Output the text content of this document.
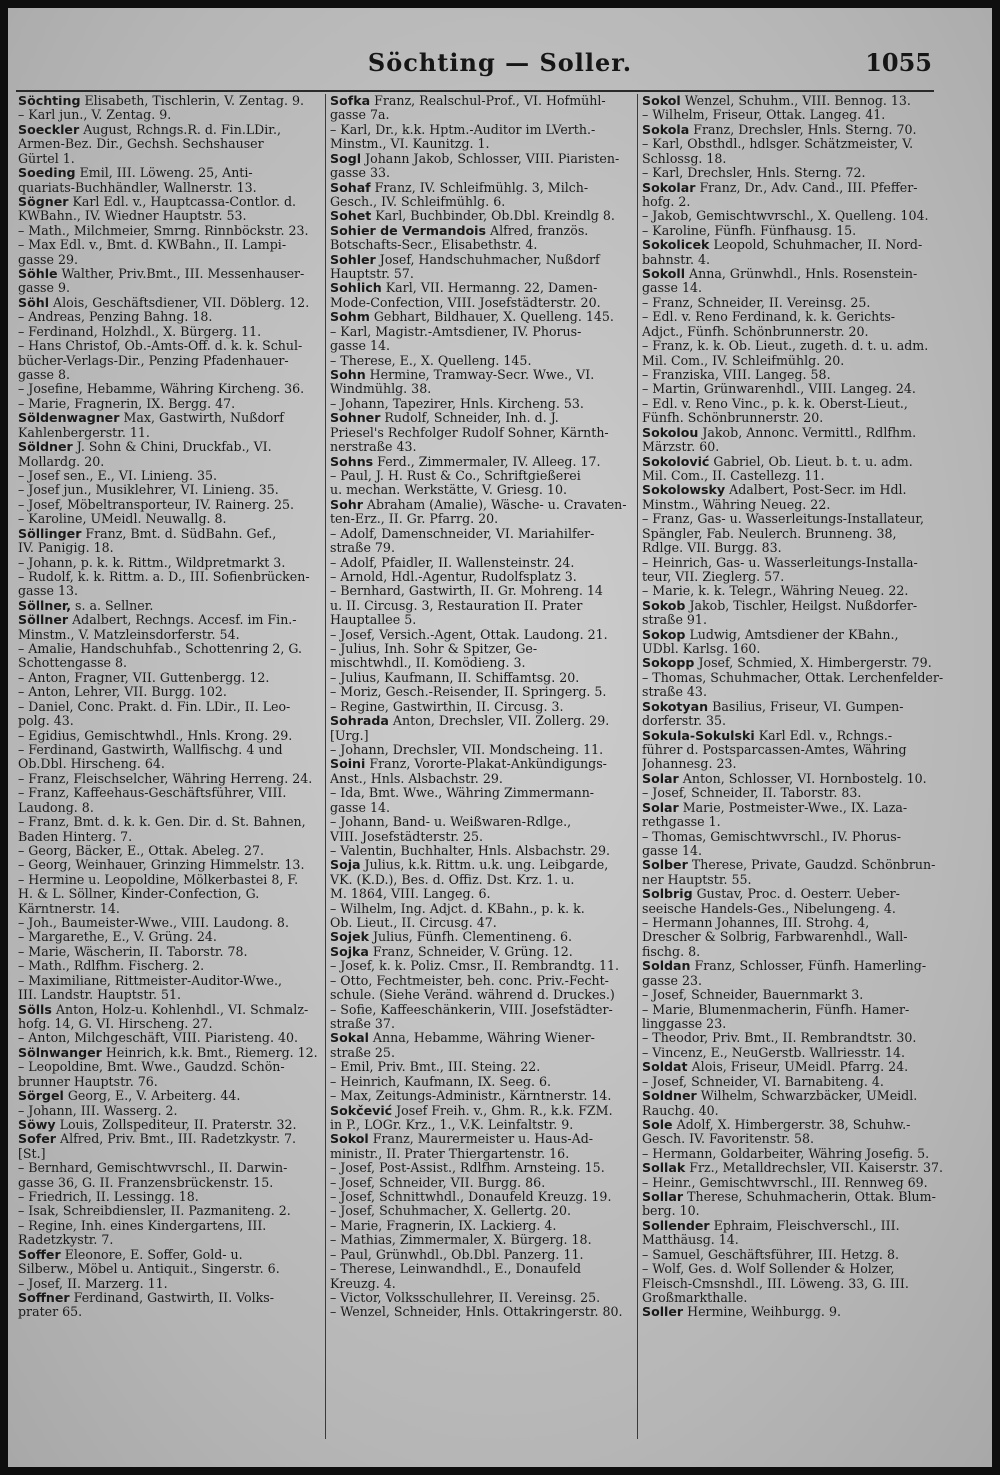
Söchting — Soller.	1055

Söchting Elisabeth, Tischlerin, V. Zentag. 9.

– Karl jun., V. Zentag. 9.

Soeckler August, Rchngs.R. d. Fin.LDir.,

Armen-Bez. Dir., Gechsh. Sechshauser

Gürtel 1.

Soeding Emil, III. Löweng. 25, Anti-

quariats-Buchhändler, Wallnerstr. 13.

Sögner Karl Edl. v., Hauptcassa-Contlor. d.

KWBahn., IV. Wiedner Hauptstr. 53.

– Math., Milchmeier, Smrng. Rinnböckstr. 23.

– Max Edl. v., Bmt. d. KWBahn., II. Lampi-

gasse 29.

Söhle Walther, Priv.Bmt., III. Messenhauser-

gasse 9.

Söhl Alois, Geschäftsdiener, VII. Döblerg. 12.

– Andreas, Penzing Bahng. 18.

– Ferdinand, Holzhdl., X. Bürgerg. 11.

– Hans Christof, Ob.-Amts-Off. d. k. k. Schul-

bücher-Verlags-Dir., Penzing Pfadenhauer-

gasse 8.

– Josefine, Hebamme, Währing Kircheng. 36.

– Marie, Fragnerin, IX. Bergg. 47.

Söldenwagner Max, Gastwirth, Nußdorf

Kahlenbergerstr. 11.

Söldner J. Sohn & Chini, Druckfab., VI.

Mollardg. 20.

– Josef sen., E., VI. Linieng. 35.

– Josef jun., Musiklehrer, VI. Linieng. 35.

– Josef, Möbeltransporteur, IV. Rainerg. 25.

– Karoline, UMeidl. Neuwallg. 8.

Söllinger Franz, Bmt. d. SüdBahn. Gef.,

IV. Panigig. 18.

– Johann, p. k. k. Rittm., Wildpretmarkt 3.

– Rudolf, k. k. Rittm. a. D., III. Sofienbrücken-

gasse 13.

Söllner, s. a. Sellner.

Söllner Adalbert, Rechngs. Accesf. im Fin.-

Minstm., V. Matzleinsdorferstr. 54.

– Amalie, Handschuhfab., Schottenring 2, G.

Schottengasse 8.

– Anton, Fragner, VII. Guttenbergg. 12.

– Anton, Lehrer, VII. Burgg. 102.

– Daniel, Conc. Prakt. d. Fin. LDir., II. Leo-

polg. 43.

– Egidius, Gemischtwhdl., Hnls. Krong. 29.

– Ferdinand, Gastwirth, Wallfischg. 4 und

Ob.Dbl. Hirscheng. 64.

– Franz, Fleischselcher, Währing Herreng. 24.

– Franz, Kaffeehaus-Geschäftsführer, VIII.

Laudong. 8.

– Franz, Bmt. d. k. k. Gen. Dir. d. St. Bahnen,

Baden Hinterg. 7.

– Georg, Bäcker, E., Ottak. Abeleg. 27.

– Georg, Weinhauer, Grinzing Himmelstr. 13.

– Hermine u. Leopoldine, Mölkerbastei 8, F.

H. & L. Söllner, Kinder-Confection, G.

Kärntnerstr. 14.

– Joh., Baumeister-Wwe., VIII. Laudong. 8.

– Margarethe, E., V. Grüng. 24.

– Marie, Wäscherin, II. Taborstr. 78.

– Math., Rdlfhm. Fischerg. 2.

– Maximiliane, Rittmeister-Auditor-Wwe.,

III. Landstr. Hauptstr. 51.

Sölls Anton, Holz-u. Kohlenhdl., VI. Schmalz-

hofg. 14, G. VI. Hirscheng. 27.

– Anton, Milchgeschäft, VIII. Piaristeng. 40.

Sölnwanger Heinrich, k.k. Bmt., Riemerg. 12.

– Leopoldine, Bmt. Wwe., Gaudzd. Schön-

brunner Hauptstr. 76.

Sörgel Georg, E., V. Arbeiterg. 44.

– Johann, III. Wasserg. 2.

Söwy Louis, Zollspediteur, II. Praterstr. 32.

Sofer Alfred, Priv. Bmt., III. Radetzkystr. 7.

[St.]

– Bernhard, Gemischtwvrschl., II. Darwin-

gasse 36, G. II. Franzensbrückenstr. 15.

– Friedrich, II. Lessingg. 18.

– Isak, Schreibdiensler, II. Pazmaniteng. 2.

– Regine, Inh. eines Kindergartens, III.

Radetzkystr. 7.

Soffer Eleonore, E. Soffer, Gold- u.

Silberw., Möbel u. Antiquit., Singerstr. 6.

– Josef, II. Marzerg. 11.

Soffner Ferdinand, Gastwirth, II. Volks-

prater 65.

Sofka Franz, Realschul-Prof., VI. Hofmühl-

gasse 7a.

– Karl, Dr., k.k. Hptm.-Auditor im LVerth.-

Minstm., VI. Kaunitzg. 1.

Sogl Johann Jakob, Schlosser, VIII. Piaristen-

gasse 33.

Sohaf Franz, IV. Schleifmühlg. 3, Milch-

Gesch., IV. Schleifmühlg. 6.

Sohet Karl, Buchbinder, Ob.Dbl. Kreindlg 8.

Sohier de Vermandois Alfred, französ.

Botschafts-Secr., Elisabethstr. 4.

Sohler Josef, Handschuhmacher, Nußdorf

Hauptstr. 57.

Sohlich Karl, VII. Hermanng. 22, Damen-

Mode-Confection, VIII. Josefstädterstr. 20.

Sohm Gebhart, Bildhauer, X. Quelleng. 145.

– Karl, Magistr.-Amtsdiener, IV. Phorus-

gasse 14.

– Therese, E., X. Quelleng. 145.

Sohn Hermine, Tramway-Secr. Wwe., VI.

Windmühlg. 38.

– Johann, Tapezirer, Hnls. Kircheng. 53.

Sohner Rudolf, Schneider, Inh. d. J.

Priesel's Rechfolger Rudolf Sohner, Kärnth-

nerstraße 43.

Sohns Ferd., Zimmermaler, IV. Alleeg. 17.

– Paul, J. H. Rust & Co., Schriftgießerei

u. mechan. Werkstätte, V. Griesg. 10.

Sohr Abraham (Amalie), Wäsche- u. Cravaten-

ten-Erz., II. Gr. Pfarrg. 20.

– Adolf, Damenschneider, VI. Mariahilfer-

straße 79.

– Adolf, Pfaidler, II. Wallensteinstr. 24.

– Arnold, Hdl.-Agentur, Rudolfsplatz 3.

– Bernhard, Gastwirth, II. Gr. Mohreng. 14

u. II. Circusg. 3, Restauration II. Prater

Hauptallee 5.

– Josef, Versich.-Agent, Ottak. Laudong. 21.

– Julius, Inh. Sohr & Spitzer, Ge-

mischtwhdl., II. Komödieng. 3.

– Julius, Kaufmann, II. Schiffamtsg. 20.

– Moriz, Gesch.-Reisender, II. Springerg. 5.

– Regine, Gastwirthin, II. Circusg. 3.

Sohrada Anton, Drechsler, VII. Zollerg. 29.

[Urg.]

– Johann, Drechsler, VII. Mondscheing. 11.

Soini Franz, Vororte-Plakat-Ankündigungs-

Anst., Hnls. Alsbachstr. 29.

– Ida, Bmt. Wwe., Währing Zimmermann-

gasse 14.

– Johann, Band- u. Weißwaren-Rdlge.,

VIII. Josefstädterstr. 25.

– Valentin, Buchhalter, Hnls. Alsbachstr. 29.

Soja Julius, k.k. Rittm. u.k. ung. Leibgarde,

VK. (K.D.), Bes. d. Offiz. Dst. Krz. 1. u.

M. 1864, VIII. Langeg. 6.

– Wilhelm, Ing. Adjct. d. KBahn., p. k. k.

Ob. Lieut., II. Circusg. 47.

Sojek Julius, Fünfh. Clementineng. 6.

Sojka Franz, Schneider, V. Grüng. 12.

– Josef, k. k. Poliz. Cmsr., II. Rembrandtg. 11.

– Otto, Fechtmeister, beh. conc. Priv.-Fecht-

schule. (Siehe Veränd. während d. Druckes.)

– Sofie, Kaffeeschänkerin, VIII. Josefstädter-

straße 37.

Sokal Anna, Hebamme, Währing Wiener-

straße 25.

– Emil, Priv. Bmt., III. Steing. 22.

– Heinrich, Kaufmann, IX. Seeg. 6.

– Max, Zeitungs-Administr., Kärntnerstr. 14.

Sokčević Josef Freih. v., Ghm. R., k.k. FZM.

in P., LOGr. Krz., 1., V.K. Leinfaltstr. 9.

Sokol Franz, Maurermeister u. Haus-Ad-

ministr., II. Prater Thiergartenstr. 16.

– Josef, Post-Assist., Rdlfhm. Arnsteing. 15.

– Josef, Schneider, VII. Burgg. 86.

– Josef, Schnittwhdl., Donaufeld Kreuzg. 19.

– Josef, Schuhmacher, X. Gellertg. 20.

– Marie, Fragnerin, IX. Lackierg. 4.

– Mathias, Zimmermaler, X. Bürgerg. 18.

– Paul, Grünwhdl., Ob.Dbl. Panzerg. 11.

– Therese, Leinwandhdl., E., Donaufeld

Kreuzg. 4.

– Victor, Volksschullehrer, II. Vereinsg. 25.

– Wenzel, Schneider, Hnls. Ottakringerstr. 80.

Sokol Wenzel, Schuhm., VIII. Bennog. 13.

– Wilhelm, Friseur, Ottak. Langeg. 41.

Sokola Franz, Drechsler, Hnls. Sterng. 70.

– Karl, Obsthdl., hdlsger. Schätzmeister, V.

Schlossg. 18.

– Karl, Drechsler, Hnls. Sterng. 72.

Sokolar Franz, Dr., Adv. Cand., III. Pfeffer-

hofg. 2.

– Jakob, Gemischtwvrschl., X. Quelleng. 104.

– Karoline, Fünfh. Fünfhausg. 15.

Sokolicek Leopold, Schuhmacher, II. Nord-

bahnstr. 4.

Sokoll Anna, Grünwhdl., Hnls. Rosenstein-

gasse 14.

– Franz, Schneider, II. Vereinsg. 25.

– Edl. v. Reno Ferdinand, k. k. Gerichts-

Adjct., Fünfh. Schönbrunnerstr. 20.

– Franz, k. k. Ob. Lieut., zugeth. d. t. u. adm.

Mil. Com., IV. Schleifmühlg. 20.

– Franziska, VIII. Langeg. 58.

– Martin, Grünwarenhdl., VIII. Langeg. 24.

– Edl. v. Reno Vinc., p. k. k. Oberst-Lieut.,

Fünfh. Schönbrunnerstr. 20.

Sokolou Jakob, Annonc. Vermittl., Rdlfhm.

Märzstr. 60.

Sokolović Gabriel, Ob. Lieut. b. t. u. adm.

Mil. Com., II. Castellezg. 11.

Sokolowsky Adalbert, Post-Secr. im Hdl.

Minstm., Währing Neueg. 22.

– Franz, Gas- u. Wasserleitungs-Installateur,

Spängler, Fab. Neulerch. Brunneng. 38,

Rdlge. VII. Burgg. 83.

– Heinrich, Gas- u. Wasserleitungs-Installa-

teur, VII. Zieglerg. 57.

– Marie, k. k. Telegr., Währing Neueg. 22.

Sokob Jakob, Tischler, Heilgst. Nußdorfer-

straße 91.

Sokop Ludwig, Amtsdiener der KBahn.,

UDbl. Karlsg. 160.

Sokopp Josef, Schmied, X. Himbergerstr. 79.

– Thomas, Schuhmacher, Ottak. Lerchenfelder-

straße 43.

Sokotyan Basilius, Friseur, VI. Gumpen-

dorferstr. 35.

Sokula-Sokulski Karl Edl. v., Rchngs.-

führer d. Postsparcassen-Amtes, Währing

Johannesg. 23.

Solar Anton, Schlosser, VI. Hornbostelg. 10.

– Josef, Schneider, II. Taborstr. 83.

Solar Marie, Postmeister-Wwe., IX. Laza-

rethgasse 1.

– Thomas, Gemischtwvrschl., IV. Phorus-

gasse 14.

Solber Therese, Private, Gaudzd. Schönbrun-

ner Hauptstr. 55.

Solbrig Gustav, Proc. d. Oesterr. Ueber-

seeische Handels-Ges., Nibelungeng. 4.

– Hermann Johannes, III. Strohg. 4,

Drescher & Solbrig, Farbwarenhdl., Wall-

fischg. 8.

Soldan Franz, Schlosser, Fünfh. Hamerling-

gasse 23.

– Josef, Schneider, Bauernmarkt 3.

– Marie, Blumenmacherin, Fünfh. Hamer-

linggasse 23.

– Theodor, Priv. Bmt., II. Rembrandtstr. 30.

– Vincenz, E., NeuGerstb. Wallriesstr. 14.

Soldat Alois, Friseur, UMeidl. Pfarrg. 24.

– Josef, Schneider, VI. Barnabiteng. 4.

Soldner Wilhelm, Schwarzbäcker, UMeidl.

Rauchg. 40.

Sole Adolf, X. Himbergerstr. 38, Schuhw.-

Gesch. IV. Favoritenstr. 58.

– Hermann, Goldarbeiter, Währing Josefig. 5.

Sollak Frz., Metalldrechsler, VII. Kaiserstr. 37.

– Heinr., Gemischtwvrschl., III. Rennweg 69.

Sollar Therese, Schuhmacherin, Ottak. Blum-

berg. 10.

Sollender Ephraim, Fleischverschl., III.

Matthäusg. 14.

– Samuel, Geschäftsführer, III. Hetzg. 8.

– Wolf, Ges. d. Wolf Sollender & Holzer,

Fleisch-Cmsnshdl., III. Löweng. 33, G. III.

Großmarkthalle.

Soller Hermine, Weihburgg. 9.
